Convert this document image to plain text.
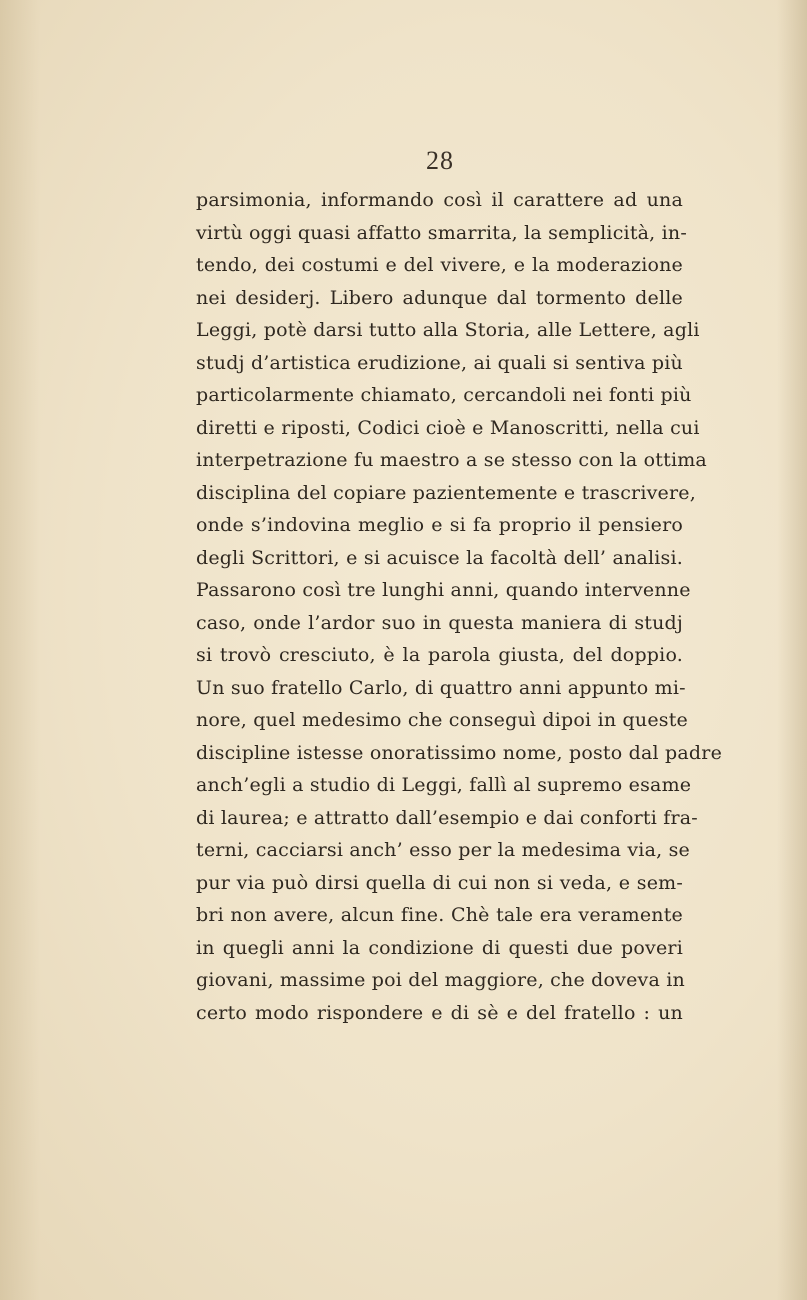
28
parsimonia, informando così il carattere ad una
virtù oggi quasi affatto smarrita, la semplicità, in-
tendo, dei costumi e del vivere, e la moderazione
nei desiderj. Libero adunque dal tormento delle
Leggi, potè darsi tutto alla Storia, alle Lettere, agli
studj d’artistica erudizione, ai quali si sentiva più
particolarmente chiamato, cercandoli nei fonti più
diretti e riposti, Codici cioè e Manoscritti, nella cui
interpetrazione fu maestro a se stesso con la ottima
disciplina del copiare pazientemente e trascrivere,
onde s’indovina meglio e si fa proprio il pensiero
degli Scrittori, e si acuisce la facoltà dell’ analisi.
Passarono così tre lunghi anni, quando intervenne
caso, onde l’ardor suo in questa maniera di studj
si trovò cresciuto, è la parola giusta, del doppio.
Un suo fratello Carlo, di quattro anni appunto mi-
nore, quel medesimo che conseguì dipoi in queste
discipline istesse onoratissimo nome, posto dal padre
anch’egli a studio di Leggi, fallì al supremo esame
di laurea; e attratto dall’esempio e dai conforti fra-
terni, cacciarsi anch’ esso per la medesima via, se
pur via può dirsi quella di cui non si veda, e sem-
bri non avere, alcun fine. Chè tale era veramente
in quegli anni la condizione di questi due poveri
giovani, massime poi del maggiore, che doveva in
certo modo rispondere e di sè e del fratello : un
